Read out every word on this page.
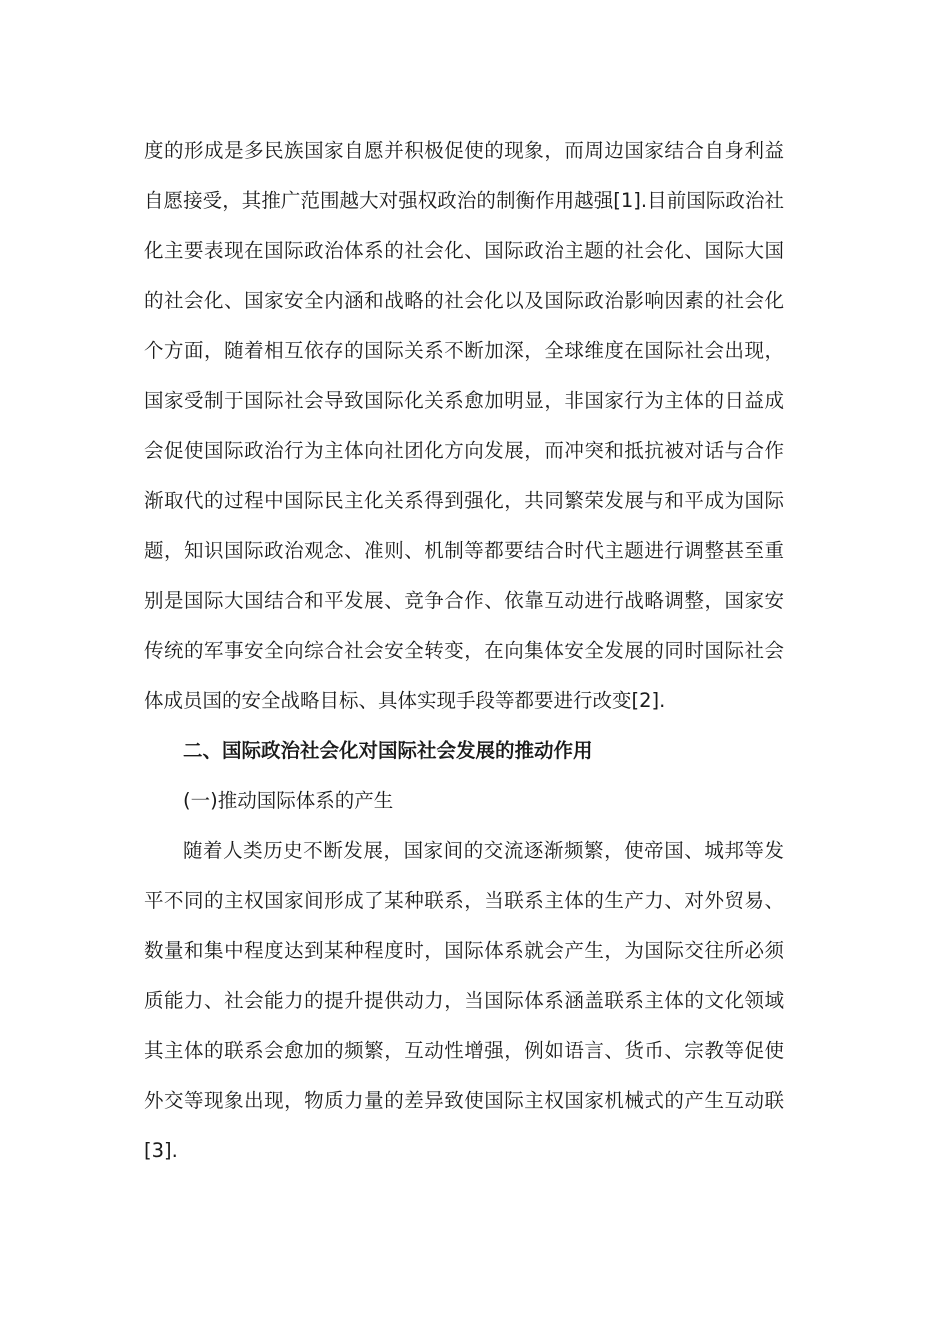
度的形成是多民族国家自愿并积极促使的现象，而周边国家结合自身利益
自愿接受，其推广范围越大对强权政治的制衡作用越强[1].目前国际政治社
化主要表现在国际政治体系的社会化、国际政治主题的社会化、国际大国
的社会化、国家安全内涵和战略的社会化以及国际政治影响因素的社会化
个方面，随着相互依存的国际关系不断加深，全球维度在国际社会出现，
国家受制于国际社会导致国际化关系愈加明显，非国家行为主体的日益成
会促使国际政治行为主体向社团化方向发展，而冲突和抵抗被对话与合作
渐取代的过程中国际民主化关系得到强化，共同繁荣发展与和平成为国际
题，知识国际政治观念、准则、机制等都要结合时代主题进行调整甚至重
别是国际大国结合和平发展、竞争合作、依靠互动进行战略调整，国家安
传统的军事安全向综合社会安全转变，在向集体安全发展的同时国际社会
体成员国的安全战略目标、具体实现手段等都要进行改变[2].
二、国际政治社会化对国际社会发展的推动作用
(一)推动国际体系的产生
随着人类历史不断发展，国家间的交流逐渐频繁，使帝国、城邦等发
平不同的主权国家间形成了某种联系，当联系主体的生产力、对外贸易、
数量和集中程度达到某种程度时，国际体系就会产生，为国际交往所必须
质能力、社会能力的提升提供动力，当国际体系涵盖联系主体的文化领域
其主体的联系会愈加的频繁，互动性增强，例如语言、货币、宗教等促使
外交等现象出现，物质力量的差异致使国际主权国家机械式的产生互动联
[3].
